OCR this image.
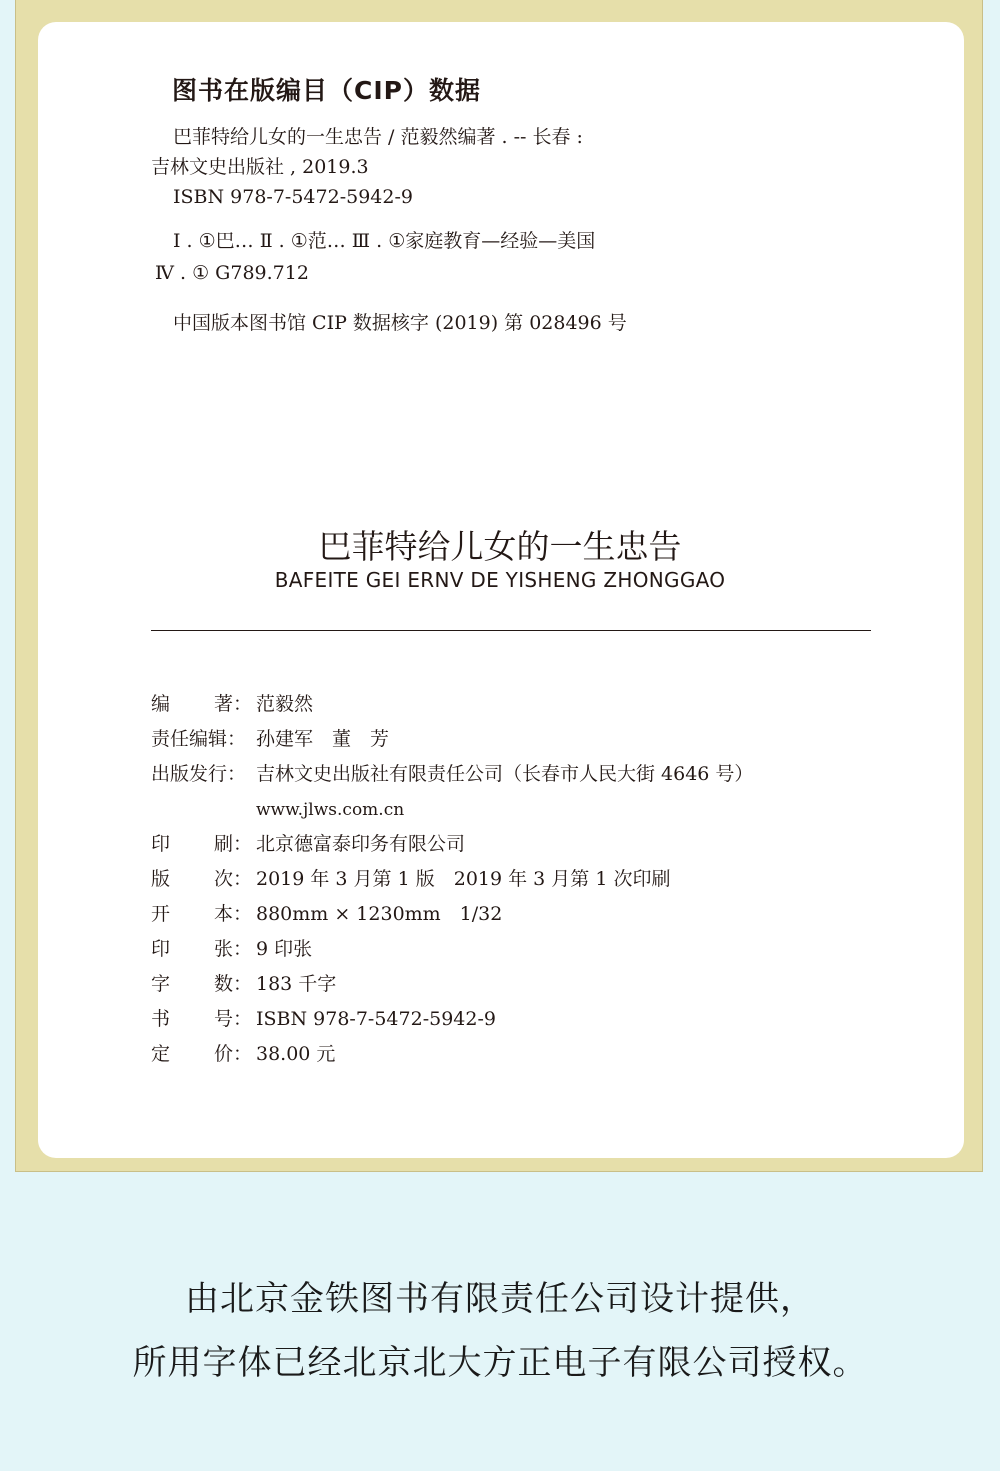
图书在版编目（CIP）数据
巴菲特给儿女的一生忠告 / 范毅然编著 . -- 长春 :
吉林文史出版社 , 2019.3
ISBN 978-7-5472-5942-9
Ⅰ . ①巴… Ⅱ . ①范… Ⅲ . ①家庭教育—经验—美国
Ⅳ . ① G789.712
中国版本图书馆 CIP 数据核字 (2019) 第 028496 号
巴菲特给儿女的一生忠告
BAFEITE GEI ERNV DE YISHENG ZHONGGAO
编 著： 范毅然
责任编辑： 孙建军　董　芳
出版发行： 吉林文史出版社有限责任公司（长春市人民大街 4646 号）
www.jlws.com.cn
印 刷： 北京德富泰印务有限公司
版 次： 2019 年 3 月第 1 版　2019 年 3 月第 1 次印刷
开 本： 880mm × 1230mm　1/32
印 张： 9 印张
字 数： 183 千字
书 号： ISBN 978-7-5472-5942-9
定 价： 38.00 元
由北京金铁图书有限责任公司设计提供，
所用字体已经北京北大方正电子有限公司授权。
